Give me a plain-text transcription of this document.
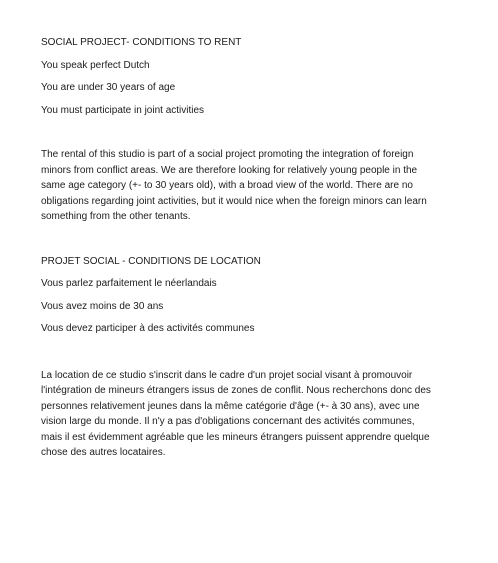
SOCIAL PROJECT- CONDITIONS TO RENT
You speak perfect Dutch
You are under 30 years of age
You must participate in joint activities
The rental of this studio is part of a social project promoting the integration of foreign
minors from conflict areas. We are therefore looking for relatively young people in the
same age category (+- to 30 years old), with a broad view of the world. There are no
obligations regarding joint activities, but it would nice when the foreign minors can learn
something from the other tenants.
PROJET SOCIAL - CONDITIONS DE LOCATION
Vous parlez parfaitement le néerlandais
Vous avez moins de 30 ans
Vous devez participer à des activités communes
La location de ce studio s'inscrit dans le cadre d'un projet social visant à promouvoir
l'intégration de mineurs étrangers issus de zones de conflit. Nous recherchons donc des
personnes relativement jeunes dans la même catégorie d'âge (+- à 30 ans), avec une
vision large du monde. Il n'y a pas d'obligations concernant des activités communes,
mais il est évidemment agréable que les mineurs étrangers puissent apprendre quelque
chose des autres locataires.
